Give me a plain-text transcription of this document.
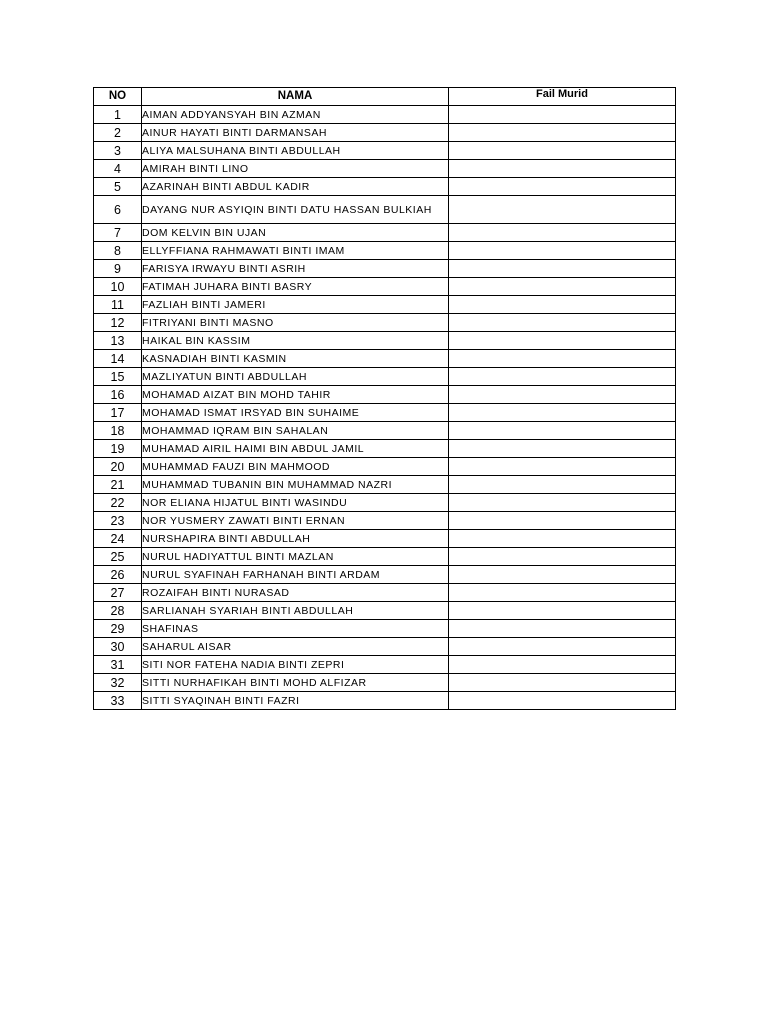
NO	NAMA	Fail Murid
1	AIMAN ADDYANSYAH BIN AZMAN	
2	AINUR HAYATI BINTI DARMANSAH	
3	ALIYA MALSUHANA BINTI ABDULLAH	
4	AMIRAH BINTI LINO	
5	AZARINAH BINTI ABDUL KADIR	
6	DAYANG NUR ASYIQIN BINTI DATU HASSAN BULKIAH	
7	DOM KELVIN BIN UJAN	
8	ELLYFFIANA RAHMAWATI BINTI IMAM	
9	FARISYA IRWAYU BINTI ASRIH	
10	FATIMAH JUHARA BINTI BASRY	
11	FAZLIAH BINTI JAMERI	
12	FITRIYANI BINTI MASNO	
13	HAIKAL BIN KASSIM	
14	KASNADIAH BINTI KASMIN	
15	MAZLIYATUN BINTI ABDULLAH	
16	MOHAMAD AIZAT BIN MOHD TAHIR	
17	MOHAMAD ISMAT IRSYAD BIN SUHAIME	
18	MOHAMMAD IQRAM BIN SAHALAN	
19	MUHAMAD AIRIL HAIMI BIN ABDUL JAMIL	
20	MUHAMMAD FAUZI BIN MAHMOOD	
21	MUHAMMAD TUBANIN BIN MUHAMMAD NAZRI	
22	NOR ELIANA HIJATUL BINTI WASINDU	
23	NOR YUSMERY ZAWATI BINTI ERNAN	
24	NURSHAPIRA BINTI ABDULLAH	
25	NURUL HADIYATTUL BINTI MAZLAN	
26	NURUL SYAFINAH FARHANAH BINTI ARDAM	
27	ROZAIFAH BINTI NURASAD	
28	SARLIANAH SYARIAH BINTI ABDULLAH	
29	SHAFINAS	
30	SAHARUL AISAR	
31	SITI NOR FATEHA NADIA BINTI ZEPRI	
32	SITTI NURHAFIKAH BINTI MOHD ALFIZAR	
33	SITTI SYAQINAH BINTI FAZRI	
